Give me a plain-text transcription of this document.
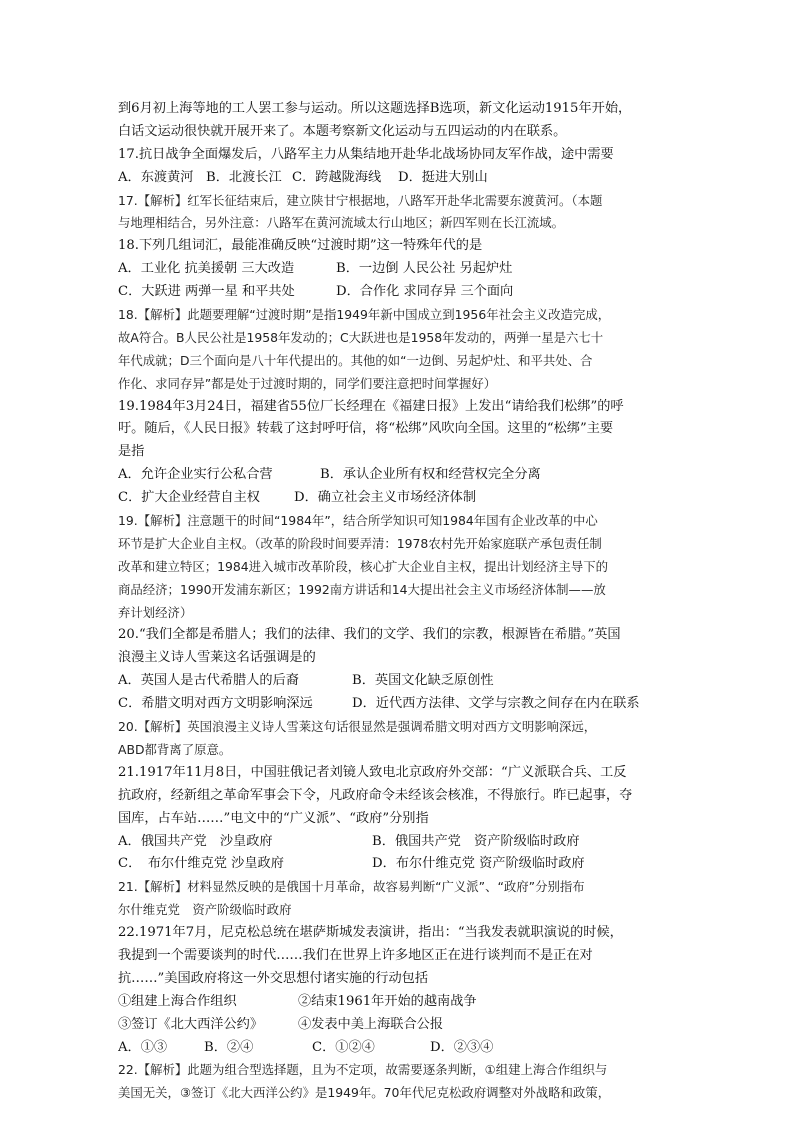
到6月初上海等地的工人罢工参与运动。所以这题选择B选项，新文化运动1915年开始，
白话文运动很快就开展开来了。本题考察新文化运动与五四运动的内在联系。
17.抗日战争全面爆发后，八路军主力从集结地开赴华北战场协同友军作战，途中需要
A．东渡黄河 B．北渡长江 C．跨越陇海线	D．挺进大别山
17.【解析】红军长征结束后，建立陕甘宁根据地，八路军开赴华北需要东渡黄河。（本题
与地理相结合，另外注意：八路军在黄河流域太行山地区；新四军则在长江流域。
18.下列几组词汇，最能准确反映“过渡时期”这一特殊年代的是
A．工业化 抗美援朝 三大改造	B．一边倒 人民公社 另起炉灶
C．大跃进 两弹一星 和平共处	D．合作化 求同存异 三个面向
18.【解析】此题要理解“过渡时期”是指1949年新中国成立到1956年社会主义改造完成，
故A符合。B人民公社是1958年发动的；C大跃进也是1958年发动的，两弹一星是六七十
年代成就；D三个面向是八十年代提出的。其他的如“一边倒、另起炉灶、和平共处、合
作化、求同存异”都是处于过渡时期的，同学们要注意把时间掌握好）
19.1984年3月24日，福建省55位厂长经理在《福建日报》上发出“请给我们松绑”的呼
吁。随后，《人民日报》转载了这封呼吁信，将“松绑”风吹向全国。这里的“松绑”主要
是指
A．允许企业实行公私合营	B．承认企业所有权和经营权完全分离
C．扩大企业经营自主权	D．确立社会主义市场经济体制
19.【解析】注意题干的时间“1984年”，结合所学知识可知1984年国有企业改革的中心
环节是扩大企业自主权。（改革的阶段时间要弄清：1978农村先开始家庭联产承包责任制
改革和建立特区；1984进入城市改革阶段，核心扩大企业自主权，提出计划经济主导下的
商品经济；1990开发浦东新区；1992南方讲话和14大提出社会主义市场经济体制——放
弃计划经济）
20.“我们全都是希腊人；我们的法律、我们的文学、我们的宗教，根源皆在希腊。”英国
浪漫主义诗人雪莱这名话强调是的
A．英国人是古代希腊人的后裔	B．英国文化缺乏原创性
C．希腊文明对西方文明影响深远	D．近代西方法律、文学与宗教之间存在内在联系
20.【解析】英国浪漫主义诗人雪莱这句话很显然是强调希腊文明对西方文明影响深远，
ABD都背离了原意。
21.1917年11月8日，中国驻俄记者刘镜人致电北京政府外交部：“广义派联合兵、工反
抗政府，经新组之革命军事会下令，凡政府命令未经该会核准，不得旅行。昨已起事，夺
国库，占车站……”电文中的“广义派”、“政府”分别指
A．俄国共产党　沙皇政府	B．俄国共产党　资产阶级临时政府
C．　布尔什维克党 沙皇政府	D．布尔什维克党 资产阶级临时政府
21.【解析】材料显然反映的是俄国十月革命，故容易判断“广义派”、“政府”分别指布
尔什维克党　资产阶级临时政府
22.1971年7月，尼克松总统在堪萨斯城发表演讲，指出：“当我发表就职演说的时候，
我提到一个需要谈判的时代……我们在世界上许多地区正在进行谈判而不是正在对
抗……”美国政府将这一外交思想付诸实施的行动包括
①组建上海合作组织	②结束1961年开始的越南战争
③签订《北大西洋公约》	④发表中美上海联合公报
A．①③	B．②④	C．①②④	D．②③④
22.【解析】此题为组合型选择题，且为不定项，故需要逐条判断，①组建上海合作组织与
美国无关，③签订《北大西洋公约》是1949年。70年代尼克松政府调整对外战略和政策，
